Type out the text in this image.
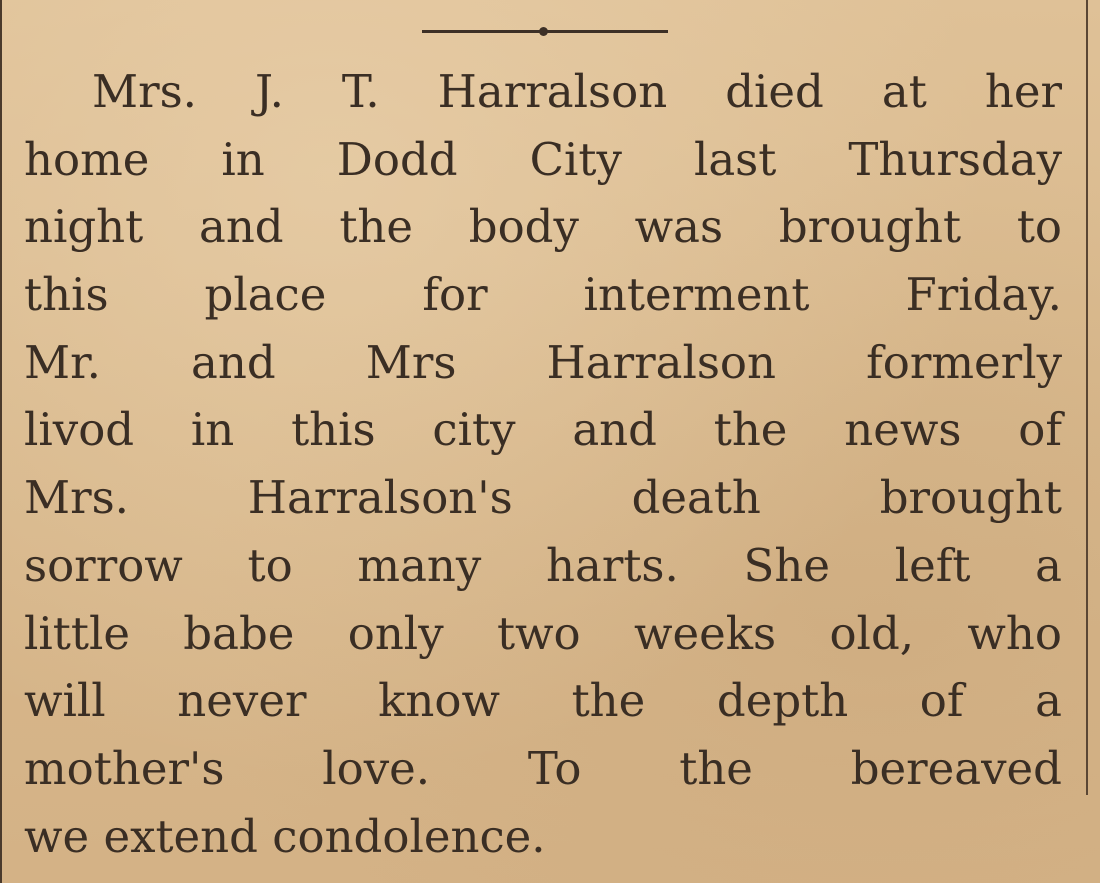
Mrs. J. T. Harralson died at her
home in Dodd City last Thursday
night and the body was brought to
this place for interment Friday.
Mr. and Mrs Harralson formerly
livod in this city and the news of
Mrs. Harralson's death brought
sorrow to many harts. She left a
little babe only two weeks old, who
will never know the depth of a
mother's love. To the bereaved
we extend condolence.
